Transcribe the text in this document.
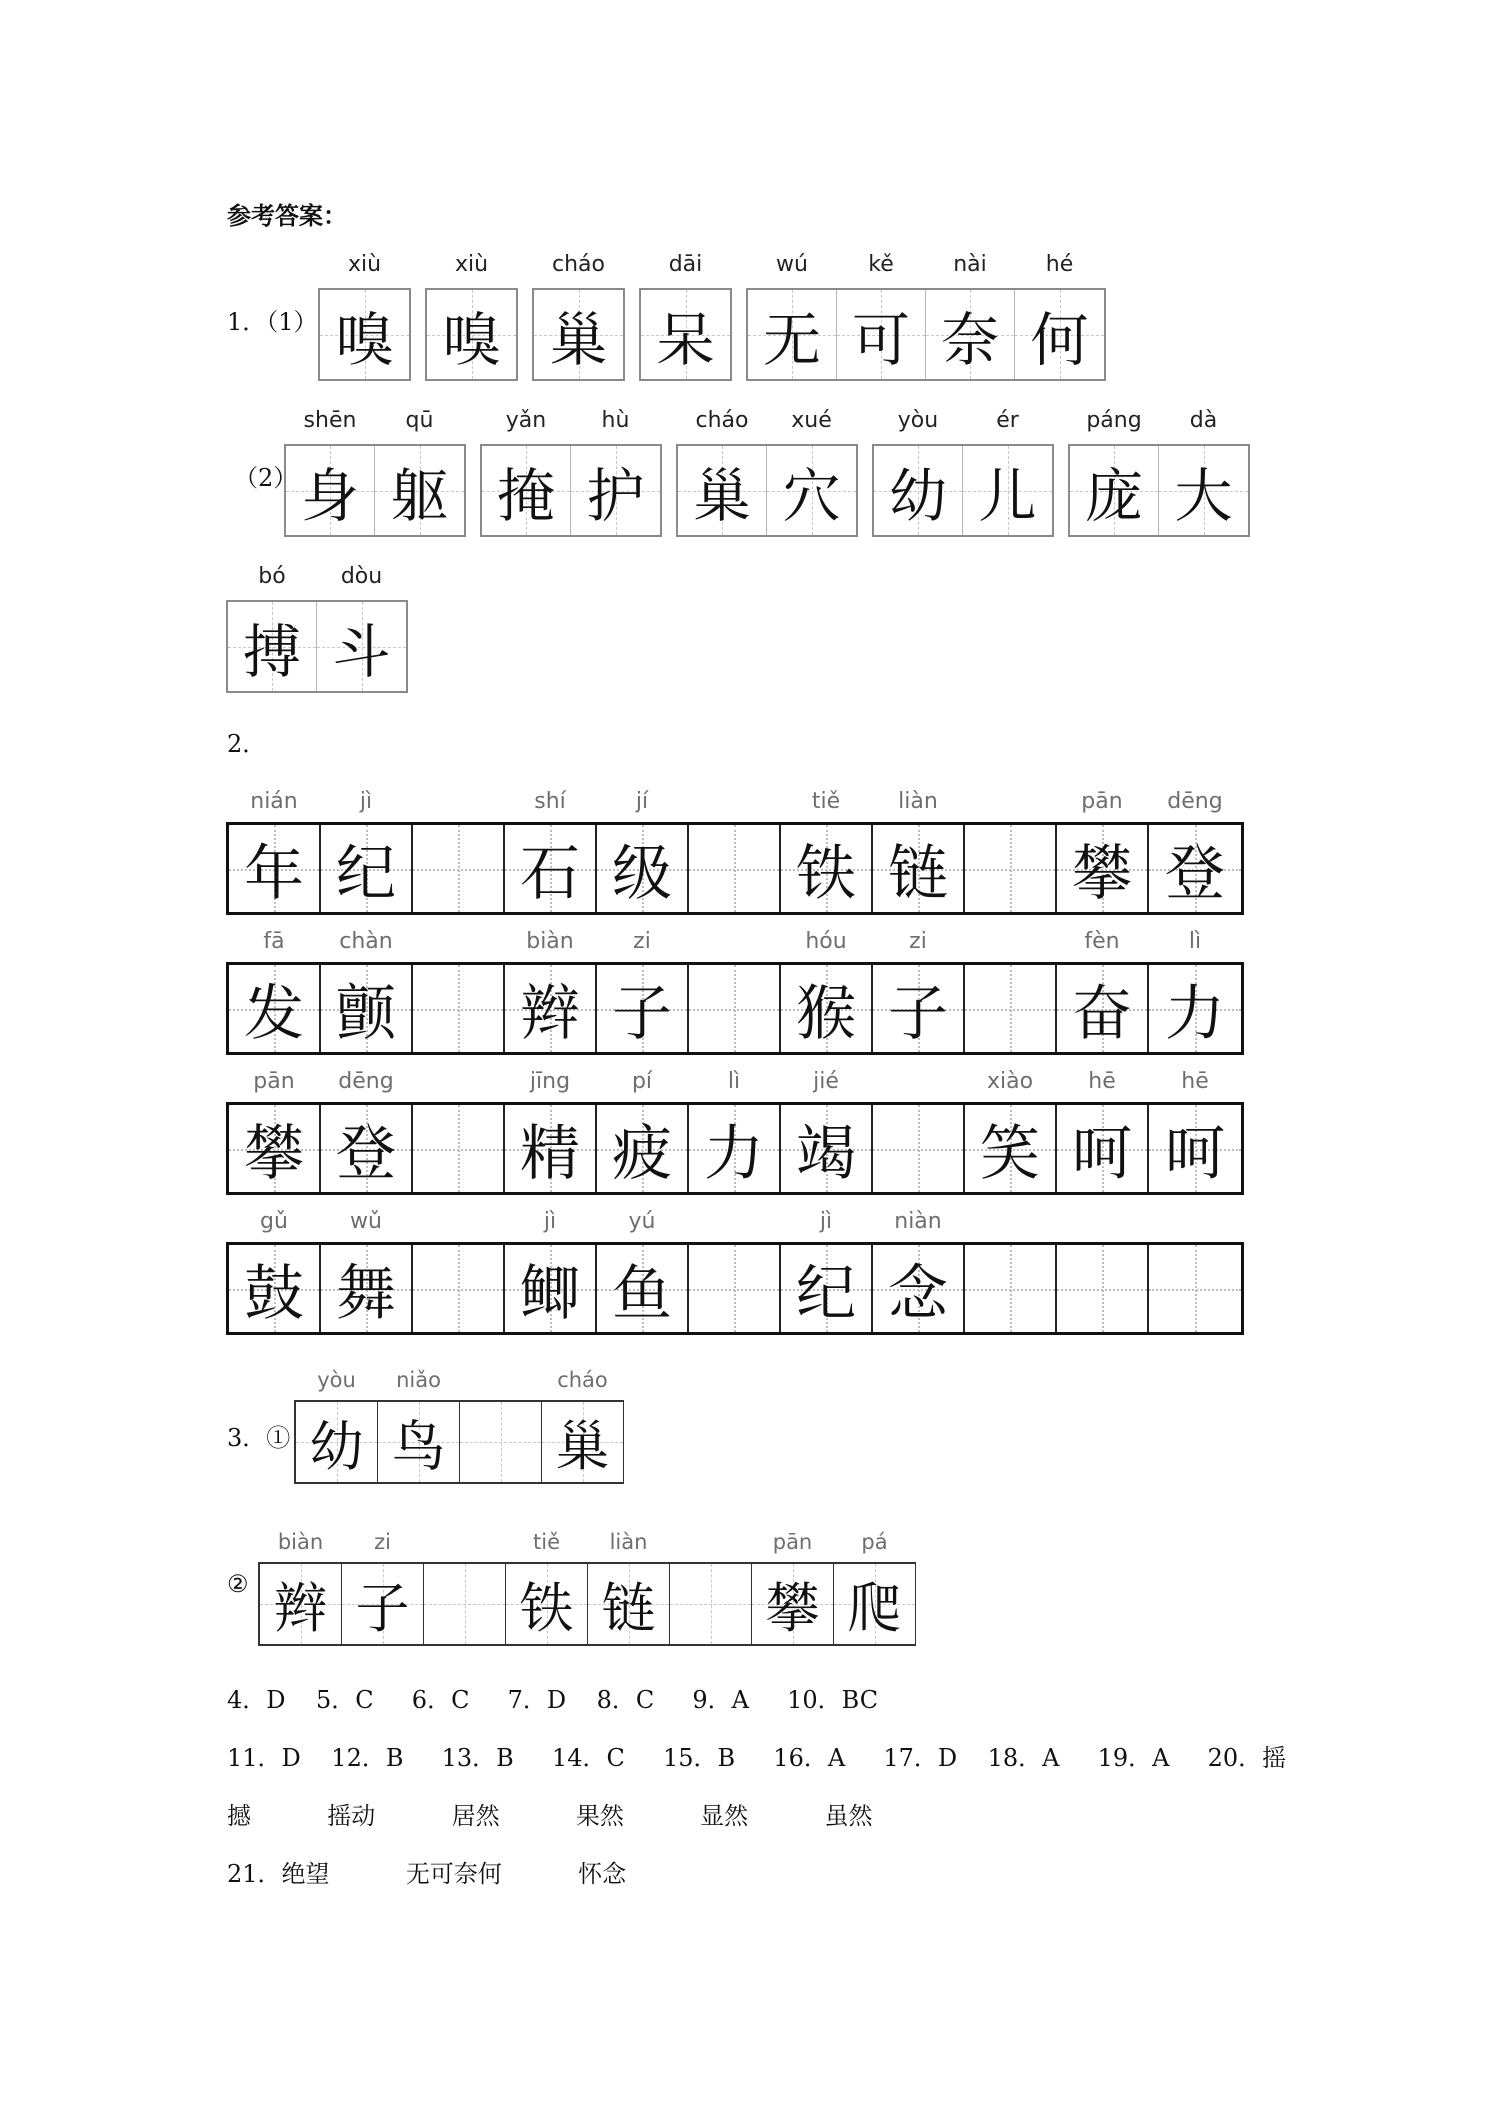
参考答案：
1．（1）
xiù
嗅
xiù
嗅
cháo
巢
dāi
呆
wú
无
kě
可
nài
奈
hé
何
（2）
shēn
身
qū
躯
yǎn
掩
hù
护
cháo
巢
xué
穴
yòu
幼
ér
儿
páng
庞
dà
大
bó
搏
dòu
斗
2．
nián
年
jì
纪
shí
石
jí
级
tiě
铁
liàn
链
pān
攀
dēng
登
fā
发
chàn
颤
biàn
辫
zi
子
hóu
猴
zi
子
fèn
奋
lì
力
pān
攀
dēng
登
jīng
精
pí
疲
lì
力
jié
竭
xiào
笑
hē
呵
hē
呵
gǔ
鼓
wǔ
舞
jì
鲫
yú
鱼
jì
纪
niàn
念
3．①
yòu
幼
niǎo
鸟
cháo
巢
②
biàn
辫
zi
子
tiě
铁
liàn
链
pān
攀
pá
爬
4．D    5．C     6．C     7．D    8．C     9．A     10．BC
11．D    12．B     13．B     14．C     15．B     16．A     17．D    18．A     19．A     20．摇
撼          摇动          居然          果然          显然          虽然
21．绝望          无可奈何          怀念
